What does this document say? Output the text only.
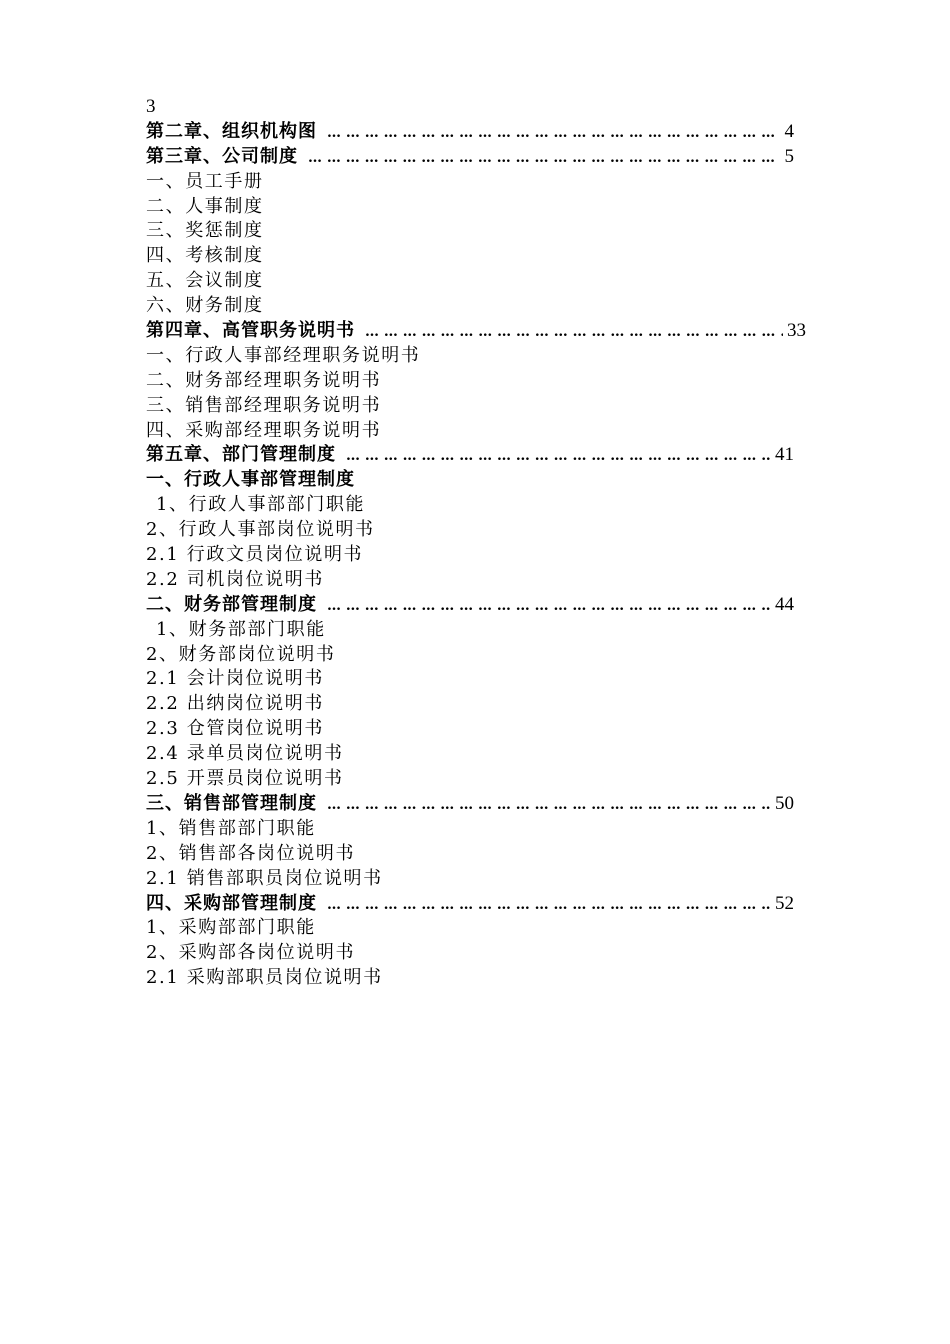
3
第二章、组织机构图 … … … … … … … … … … … … … … … … … … … … … … … … … … … … … … … … … … … … … …	4
第三章、公司制度 … … … … … … … … … … … … … … … … … … … … … … … … … … … … … … … … … … … … … …	5
一、员工手册
二、人事制度
三、奖惩制度
四、考核制度
五、会议制度
六、财务制度
第四章、高管职务说明书 … … … … … … … … … … … … … … … … … … … … … … … … … … … … … … … … … … … … … …	33
一、行政人事部经理职务说明书
二、财务部经理职务说明书
三、销售部经理职务说明书
四、采购部经理职务说明书
第五章、部门管理制度 … … … … … … … … … … … … … … … … … … … … … … … … … … … … … … … … … … … … … …	41
一、行政人事部管理制度
1、行政人事部部门职能
2、行政人事部岗位说明书
2.1 行政文员岗位说明书
2.2 司机岗位说明书
二、财务部管理制度 … … … … … … … … … … … … … … … … … … … … … … … … … … … … … … … … … … … … … …	44
1、财务部部门职能
2、财务部岗位说明书
2.1 会计岗位说明书
2.2 出纳岗位说明书
2.3 仓管岗位说明书
2.4 录单员岗位说明书
2.5 开票员岗位说明书
三、销售部管理制度 … … … … … … … … … … … … … … … … … … … … … … … … … … … … … … … … … … … … … …	50
1、销售部部门职能
2、销售部各岗位说明书
2.1 销售部职员岗位说明书
四、采购部管理制度 … … … … … … … … … … … … … … … … … … … … … … … … … … … … … … … … … … … … … …	52
1、采购部部门职能
2、采购部各岗位说明书
2.1 采购部职员岗位说明书
